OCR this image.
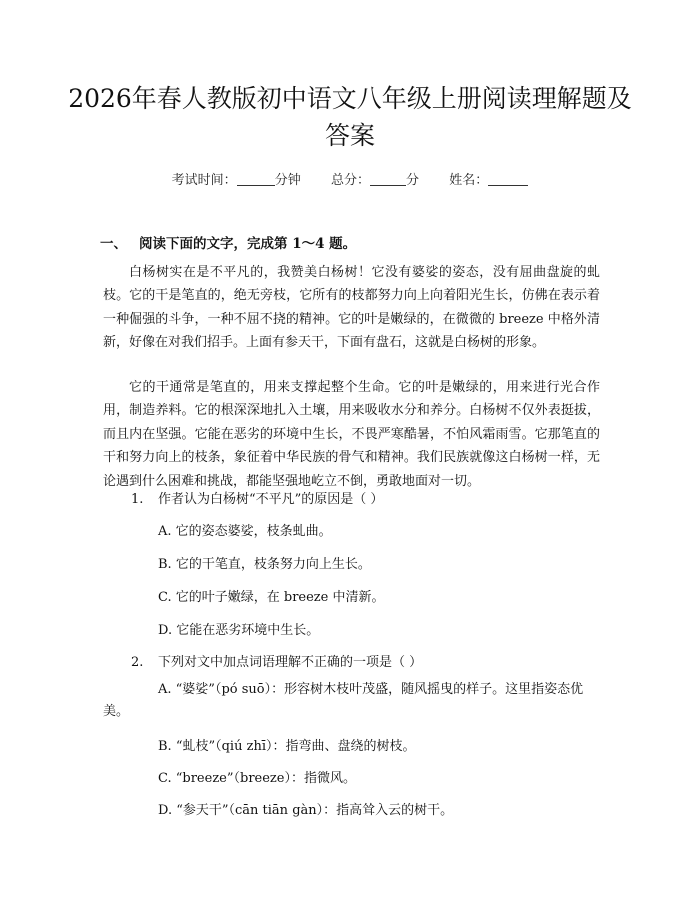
2026年春人教版初中语文八年级上册阅读理解题及答案
考试时间：	分钟 总分：	分 姓名：
一、 阅读下面的文字，完成第 1～4 题。

白杨树实在是不平凡的，我赞美白杨树！它没有婆娑的姿态，没有屈曲盘旋的虬枝。它的干是笔直的，绝无旁枝，它所有的枝都努力向上向着阳光生长，仿佛在表示着一种倔强的斗争，一种不屈不挠的精神。它的叶是嫩绿的，在微微的 breeze 中格外清新，好像在对我们招手。上面有参天干，下面有盘石，这就是白杨树的形象。

它的干通常是笔直的，用来支撑起整个生命。它的叶是嫩绿的，用来进行光合作用，制造养料。它的根深深地扎入土壤，用来吸收水分和养分。白杨树不仅外表挺拔，而且内在坚强。它能在恶劣的环境中生长，不畏严寒酷暑，不怕风霜雨雪。它那笔直的干和努力向上的枝条，象征着中华民族的骨气和精神。我们民族就像这白杨树一样，无论遇到什么困难和挑战，都能坚强地屹立不倒，勇敢地面对一切。

1. 作者认为白杨树“不平凡”的原因是（ ）

A. 它的姿态婆娑，枝条虬曲。

B. 它的干笔直，枝条努力向上生长。

C. 它的叶子嫩绿，在 breeze 中清新。

D. 它能在恶劣环境中生长。

2. 下列对文中加点词语理解不正确的一项是（ ）

A. “婆娑”（pó suō）：形容树木枝叶茂盛，随风摇曳的样子。这里指姿态优美。

B. “虬枝”（qiú zhī）：指弯曲、盘绕的树枝。

C. “breeze”（breeze）：指微风。

D. “参天干”（cān tiān gàn）：指高耸入云的树干。
